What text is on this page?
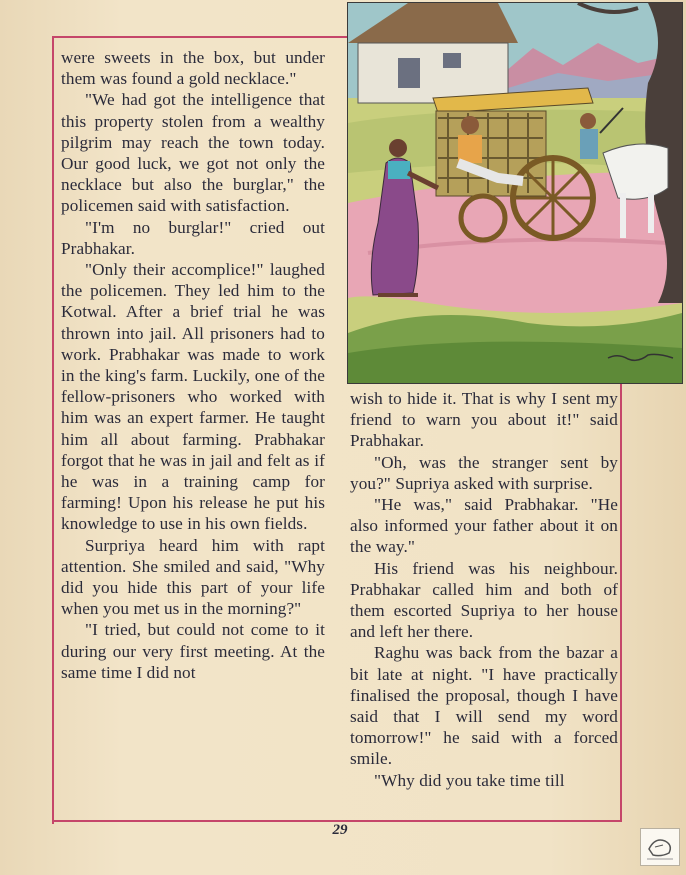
were sweets in the box, but under them was found a gold necklace."

"We had got the intelligence that this property stolen from a wealthy pilgrim may reach the town today. Our good luck, we got not only the necklace but also the burglar," the policemen said with satisfaction.

"I'm no burglar!" cried out Prabhakar.

"Only their accomplice!" laughed the policemen. They led him to the Kotwal. After a brief trial he was thrown into jail. All prisoners had to work. Prabhakar was made to work in the king's farm. Luckily, one of the fellow-prisoners who worked with him was an expert farmer. He taught him all about farming. Prabhakar forgot that he was in jail and felt as if he was in a training camp for farming! Upon his release he put his knowledge to use in his own fields.

Surpriya heard him with rapt attention. She smiled and said, "Why did you hide this part of your life when you met us in the morning?"

"I tried, but could not come to it during our very first meeting. At the same time I did not

wish to hide it. That is why I sent my friend to warn you about it!" said Prabhakar.

"Oh, was the stranger sent by you?" Supriya asked with surprise.

"He was," said Prabhakar. "He also informed your father about it on the way."

His friend was his neighbour. Prabhakar called him and both of them escorted Supriya to her house and left her there.

Raghu was back from the bazar a bit late at night. "I have practically finalised the proposal, though I have said that I will send my word tomorrow!" he said with a forced smile.

"Why did you take time till

29
